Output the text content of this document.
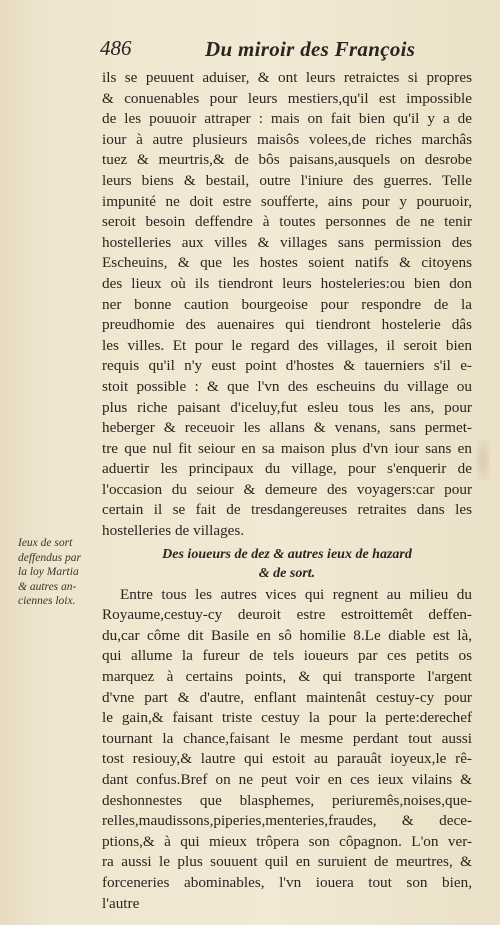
486	Du miroir des François
ils se peuuent aduiser, & ont leurs retraictes si propres
& conuenables pour leurs mestiers,qu'il est impossible
de les pouuoir attraper : mais on fait bien qu'il y a de
iour à autre plusieurs maisôs volees,de riches marchâs
tuez & meurtris,& de bôs paisans,ausquels on desrobe
leurs biens & bestail, outre l'iniure des guerres. Telle
impunité ne doit estre soufferte, ains pour y pouruoir,
seroit besoin deffendre à toutes personnes de ne tenir
hostelleries aux villes & villages sans permission des
Escheuins, & que les hostes soient natifs & citoyens
des lieux où ils tiendront leurs hosteleries:ou bien don
ner bonne caution bourgeoise pour respondre de la
preudhomie des auenaires qui tiendront hostelerie dâs
les villes. Et pour le regard des villages, il seroit bien
requis qu'il n'y eust point d'hostes & tauerniers s'il e-
stoit possible : & que l'vn des escheuins du village ou
plus riche paisant d'iceluy,fut esleu tous les ans, pour
heberger & receuoir les allans & venans, sans permet-
tre que nul fit seiour en sa maison plus d'vn iour sans en
aduertir les principaux du village, pour s'enquerir de
l'occasion du seiour & demeure des voyagers:car pour
certain il se fait de tresdangereuses retraites dans les
hostelleries de villages.
Des ioueurs de dez & autres ieux de hazard
& de sort.
Entre tous les autres vices qui regnent au milieu du
Royaume,cestuy-cy deuroit estre estroittemêt deffen-
du,car côme dit Basile en sô homilie 8.Le diable est là,
qui allume la fureur de tels ioueurs par ces petits os
marquez à certains points, & qui transporte l'argent
d'vne part & d'autre, enflant maintenât cestuy-cy pour
le gain,& faisant triste cestuy la pour la perte:derechef
tournant la chance,faisant le mesme perdant tout aussi
tost resiouy,& lautre qui estoit au parauât ioyeux,le rê-
dant confus.Bref on ne peut voir en ces ieux vilains &
deshonnestes que blasphemes, periuremês,noises,que-
relles,maudissons,piperies,menteries,fraudes, & dece-
ptions,& à qui mieux trôpera son côpagnon. L'on ver-
ra aussi le plus souuent quil en suruient de meurtres, &
forceneries abominables, l'vn iouera tout son bien,
l'autre
Ieux de sort
deffendus par
la loy Martia
& autres an-
ciennes loix.
